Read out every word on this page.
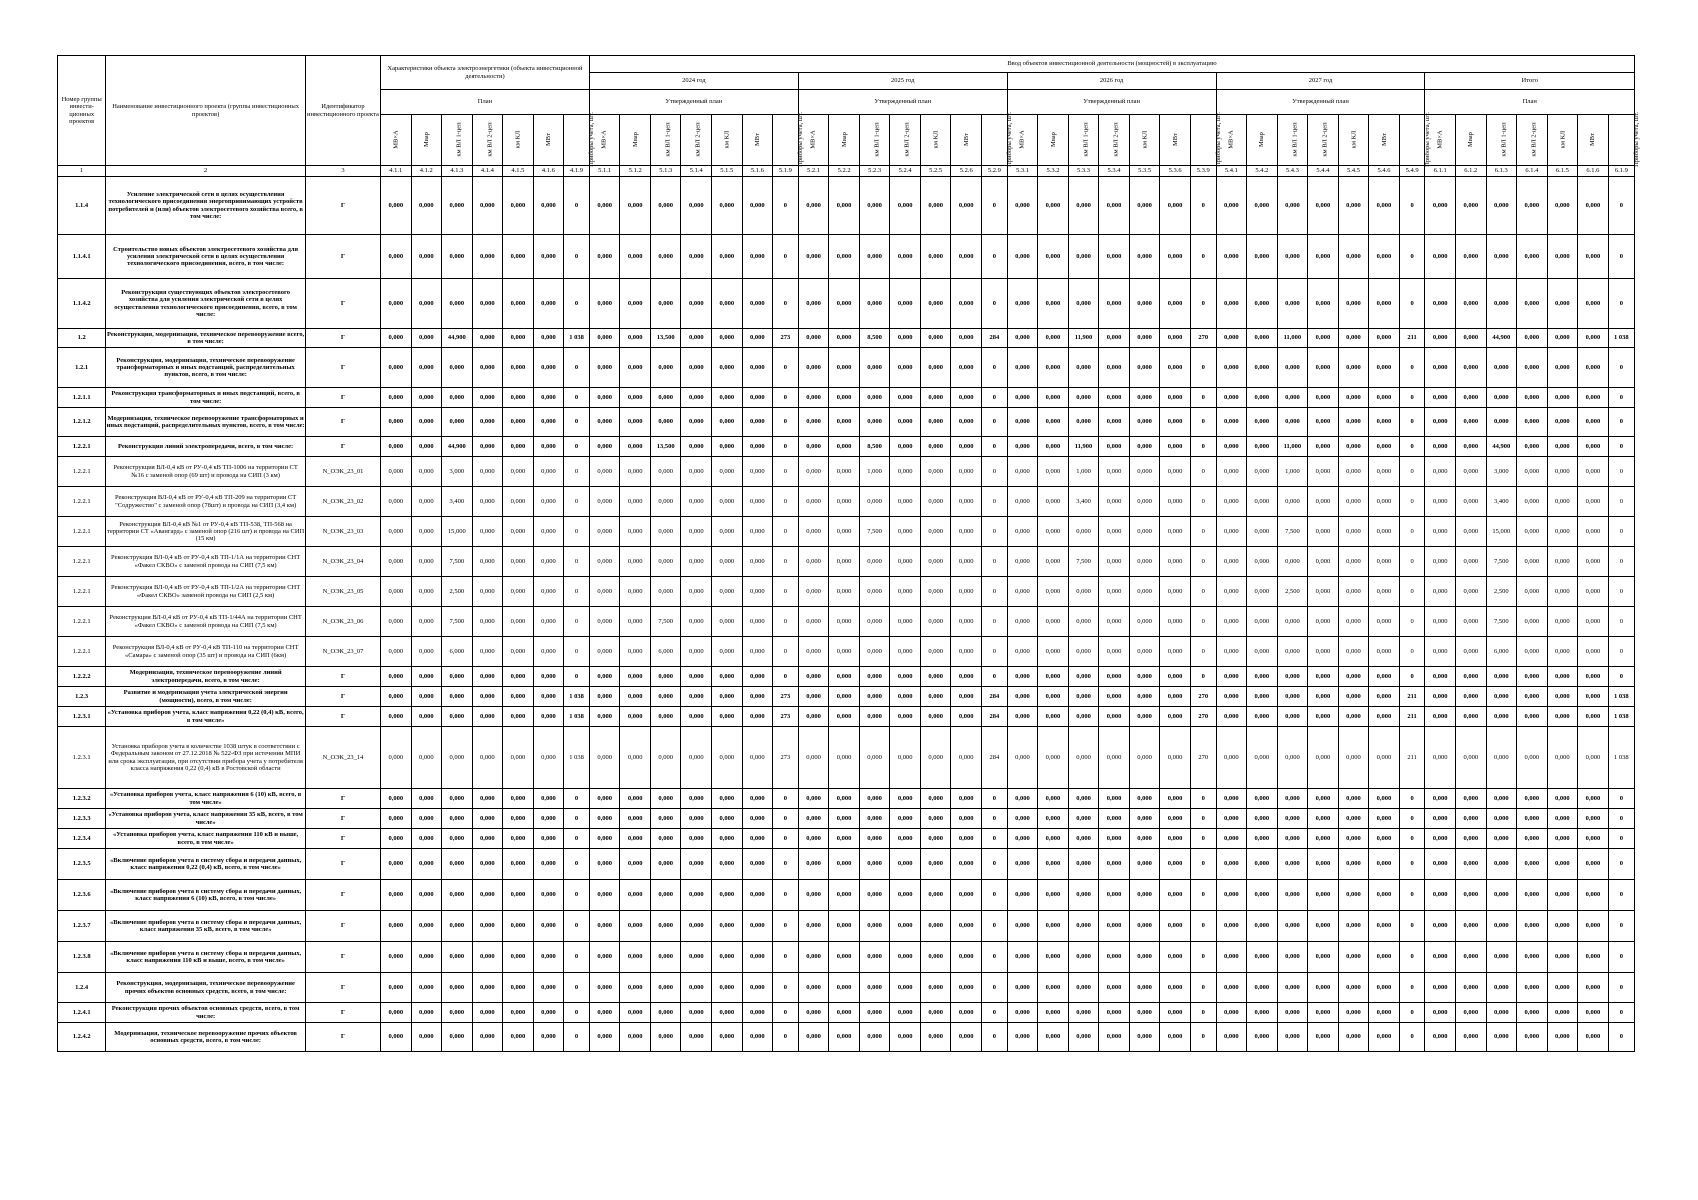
Номер группы инвести-ционных проектов	Наименование инвестиционного проекта (группы инвестиционных проектов)	Идентификатор инвестиционного проекта	Характеристики объекта электроэнергетики (объекта инвестиционной деятельности)							Ввод объектов инвестиционной деятельности (мощностей) в эксплуатацию																																		
										2024 год							2025 год							2026 год							2027 год							Итого						
			План							Утвержденный план							Утвержденный план							Утвержденный план							Утвержденный план							План						
			МВ×А	Мвар	км ВЛ 1-цеп	км ВЛ 2-цеп	км КЛ	МВт	Приборы учета, шт.	МВ×А	Мвар	км ВЛ 1-цеп	км ВЛ 2-цеп	км КЛ	МВт	Приборы учета, шт.	МВ×А	Мвар	км ВЛ 1-цеп	км ВЛ 2-цеп	км КЛ	МВт	Приборы учета, шт.	МВ×А	Мвар	км ВЛ 1-цеп	км ВЛ 2-цеп	км КЛ	МВт	Приборы учета, шт.	МВ×А	Мвар	км ВЛ 1-цеп	км ВЛ 2-цеп	км КЛ	МВт	Приборы учета, шт.	МВ×А	Мвар	км ВЛ 1-цеп	км ВЛ 2-цеп	км КЛ	МВт	Приборы учета, шт.
1	2	3	4.1.1	4.1.2	4.1.3	4.1.4	4.1.5	4.1.6	4.1.9	5.1.1	5.1.2	5.1.3	5.1.4	5.1.5	5.1.6	5.1.9	5.2.1	5.2.2	5.2.3	5.2.4	5.2.5	5.2.6	5.2.9	5.3.1	5.3.2	5.3.3	5.3.4	5.3.5	5.3.6	5.3.9	5.4.1	5.4.2	5.4.3	5.4.4	5.4.5	5.4.6	5.4.9	6.1.1	6.1.2	6.1.3	6.1.4	6.1.5	6.1.6	6.1.9
1.1.4	Усиление электрической сети в целях осуществления технологического присоединения энергопринимающих устройств потребителей и (или) объектов электросетевого хозяйства всего, в том числе:	Г	0,000	0,000	0,000	0,000	0,000	0,000	0	0,000	0,000	0,000	0,000	0,000	0,000	0	0,000	0,000	0,000	0,000	0,000	0,000	0	0,000	0,000	0,000	0,000	0,000	0,000	0	0,000	0,000	0,000	0,000	0,000	0,000	0	0,000	0,000	0,000	0,000	0,000	0,000	0
1.1.4.1	Строительство новых объектов электросетевого хозяйства для усиления электрической сети в целях осуществления технологического присоединения, всего, в том числе:	Г	0,000	0,000	0,000	0,000	0,000	0,000	0	0,000	0,000	0,000	0,000	0,000	0,000	0	0,000	0,000	0,000	0,000	0,000	0,000	0	0,000	0,000	0,000	0,000	0,000	0,000	0	0,000	0,000	0,000	0,000	0,000	0,000	0	0,000	0,000	0,000	0,000	0,000	0,000	0
1.1.4.2	Реконструкция существующих объектов электросетевого хозяйства для усиления электрической сети в целях осуществления технологического присоединения, всего, в том числе:	Г	0,000	0,000	0,000	0,000	0,000	0,000	0	0,000	0,000	0,000	0,000	0,000	0,000	0	0,000	0,000	0,000	0,000	0,000	0,000	0	0,000	0,000	0,000	0,000	0,000	0,000	0	0,000	0,000	0,000	0,000	0,000	0,000	0	0,000	0,000	0,000	0,000	0,000	0,000	0
1.2	Реконструкция, модернизация, техническое перевооружение всего, в том числе:	Г	0,000	0,000	44,900	0,000	0,000	0,000	1 038	0,000	0,000	13,500	0,000	0,000	0,000	273	0,000	0,000	8,500	0,000	0,000	0,000	284	0,000	0,000	11,900	0,000	0,000	0,000	270	0,000	0,000	11,000	0,000	0,000	0,000	211	0,000	0,000	44,900	0,000	0,000	0,000	1 038
1.2.1	Реконструкция, модернизация, техническое перевооружение трансформаторных и иных подстанций, распределительных пунктов, всего, в том числе:	Г	0,000	0,000	0,000	0,000	0,000	0,000	0	0,000	0,000	0,000	0,000	0,000	0,000	0	0,000	0,000	0,000	0,000	0,000	0,000	0	0,000	0,000	0,000	0,000	0,000	0,000	0	0,000	0,000	0,000	0,000	0,000	0,000	0	0,000	0,000	0,000	0,000	0,000	0,000	0
1.2.1.1	Реконструкция трансформаторных и иных подстанций, всего, в том числе:	Г	0,000	0,000	0,000	0,000	0,000	0,000	0	0,000	0,000	0,000	0,000	0,000	0,000	0	0,000	0,000	0,000	0,000	0,000	0,000	0	0,000	0,000	0,000	0,000	0,000	0,000	0	0,000	0,000	0,000	0,000	0,000	0,000	0	0,000	0,000	0,000	0,000	0,000	0,000	0
1.2.1.2	Модернизация, техническое перевооружение трансформаторных и иных подстанций, распределительных пунктов, всего, в том числе:	Г	0,000	0,000	0,000	0,000	0,000	0,000	0	0,000	0,000	0,000	0,000	0,000	0,000	0	0,000	0,000	0,000	0,000	0,000	0,000	0	0,000	0,000	0,000	0,000	0,000	0,000	0	0,000	0,000	0,000	0,000	0,000	0,000	0	0,000	0,000	0,000	0,000	0,000	0,000	0
1.2.2.1	Реконструкция линий электропередачи, всего, в том числе:	Г	0,000	0,000	44,900	0,000	0,000	0,000	0	0,000	0,000	13,500	0,000	0,000	0,000	0	0,000	0,000	8,500	0,000	0,000	0,000	0	0,000	0,000	11,900	0,000	0,000	0,000	0	0,000	0,000	11,000	0,000	0,000	0,000	0	0,000	0,000	44,900	0,000	0,000	0,000	0
1.2.2.1	Реконструкция ВЛ-0,4 кВ от РУ-0,4 кВ ТП-1006 на территории СТ №16 с заменой опор (69 шт) и провода на СИП (3 км)	N_ОЭК_23_01	0,000	0,000	3,000	0,000	0,000	0,000	0	0,000	0,000	0,000	0,000	0,000	0,000	0	0,000	0,000	1,000	0,000	0,000	0,000	0	0,000	0,000	1,000	0,000	0,000	0,000	0	0,000	0,000	1,000	0,000	0,000	0,000	0	0,000	0,000	3,000	0,000	0,000	0,000	0
1.2.2.1	Реконструкция ВЛ-0,4 кВ от РУ-0,4 кВ ТП-209 на территории СТ "Содружество" с заменой опор (78шт) и провода на СИП (3,4 км)	N_ОЭК_23_02	0,000	0,000	3,400	0,000	0,000	0,000	0	0,000	0,000	0,000	0,000	0,000	0,000	0	0,000	0,000	0,000	0,000	0,000	0,000	0	0,000	0,000	3,400	0,000	0,000	0,000	0	0,000	0,000	0,000	0,000	0,000	0,000	0	0,000	0,000	3,400	0,000	0,000	0,000	0
1.2.2.1	Реконструкция ВЛ-0,4 кВ №1 от РУ-0,4 кВ ТП-538, ТП-568 на территории СТ «Авангард» с заменой опор (216 шт) и провода на СИП (15 км)	N_ОЭК_23_03	0,000	0,000	15,000	0,000	0,000	0,000	0	0,000	0,000	0,000	0,000	0,000	0,000	0	0,000	0,000	7,500	0,000	0,000	0,000	0	0,000	0,000	0,000	0,000	0,000	0,000	0	0,000	0,000	7,500	0,000	0,000	0,000	0	0,000	0,000	15,000	0,000	0,000	0,000	0
1.2.2.1	Реконструкция ВЛ-0,4 кВ от РУ-0,4 кВ ТП-1/1А на территории СНТ «Факел СКВО» с заменой провода на СИП (7,5 км)	N_ОЭК_23_04	0,000	0,000	7,500	0,000	0,000	0,000	0	0,000	0,000	0,000	0,000	0,000	0,000	0	0,000	0,000	0,000	0,000	0,000	0,000	0	0,000	0,000	7,500	0,000	0,000	0,000	0	0,000	0,000	0,000	0,000	0,000	0,000	0	0,000	0,000	7,500	0,000	0,000	0,000	0
1.2.2.1	Реконструкция ВЛ-0,4 кВ от РУ-0,4 кВ ТП-1/2А на территории СНТ «Факел СКВО» заменой провода на СИП (2,5 км)	N_ОЭК_23_05	0,000	0,000	2,500	0,000	0,000	0,000	0	0,000	0,000	0,000	0,000	0,000	0,000	0	0,000	0,000	0,000	0,000	0,000	0,000	0	0,000	0,000	0,000	0,000	0,000	0,000	0	0,000	0,000	2,500	0,000	0,000	0,000	0	0,000	0,000	2,500	0,000	0,000	0,000	0
1.2.2.1	Реконструкция ВЛ-0,4 кВ от РУ-0,4 кВ ТП-1/44А на территории СНТ «Факел СКВО» с заменой провода на СИП (7,5 км)	N_ОЭК_23_06	0,000	0,000	7,500	0,000	0,000	0,000	0	0,000	0,000	7,500	0,000	0,000	0,000	0	0,000	0,000	0,000	0,000	0,000	0,000	0	0,000	0,000	0,000	0,000	0,000	0,000	0	0,000	0,000	0,000	0,000	0,000	0,000	0	0,000	0,000	7,500	0,000	0,000	0,000	0
1.2.2.1	Реконструкция ВЛ-0,4 кВ от РУ-0,4 кВ ТП-110 на территории СНТ «Самара» с заменой опор (35 шт) и провода на СИП (6км)	N_ОЭК_23_07	0,000	0,000	6,000	0,000	0,000	0,000	0	0,000	0,000	6,000	0,000	0,000	0,000	0	0,000	0,000	0,000	0,000	0,000	0,000	0	0,000	0,000	0,000	0,000	0,000	0,000	0	0,000	0,000	0,000	0,000	0,000	0,000	0	0,000	0,000	6,000	0,000	0,000	0,000	0
1.2.2.2	Модернизация, техническое перевооружение линий электропередачи, всего, в том числе:	Г	0,000	0,000	0,000	0,000	0,000	0,000	0	0,000	0,000	0,000	0,000	0,000	0,000	0	0,000	0,000	0,000	0,000	0,000	0,000	0	0,000	0,000	0,000	0,000	0,000	0,000	0	0,000	0,000	0,000	0,000	0,000	0,000	0	0,000	0,000	0,000	0,000	0,000	0,000	0
1.2.3	Развитие и модернизация учета электрической энергии (мощности), всего, в том числе:	Г	0,000	0,000	0,000	0,000	0,000	0,000	1 038	0,000	0,000	0,000	0,000	0,000	0,000	273	0,000	0,000	0,000	0,000	0,000	0,000	284	0,000	0,000	0,000	0,000	0,000	0,000	270	0,000	0,000	0,000	0,000	0,000	0,000	211	0,000	0,000	0,000	0,000	0,000	0,000	1 038
1.2.3.1	«Установка приборов учета, класс напряжения 0,22 (0,4) кВ, всего, в том числе»	Г	0,000	0,000	0,000	0,000	0,000	0,000	1 038	0,000	0,000	0,000	0,000	0,000	0,000	273	0,000	0,000	0,000	0,000	0,000	0,000	284	0,000	0,000	0,000	0,000	0,000	0,000	270	0,000	0,000	0,000	0,000	0,000	0,000	211	0,000	0,000	0,000	0,000	0,000	0,000	1 038
1.2.3.1	Установка приборов учета в количестве 1038 штук в соответствии с Федеральным законом от 27.12.2018 № 522-ФЗ при истечении МПИ или срока эксплуатации, при отсутствии прибора учета у потребителя класса напряжения 0,22 (0,4) кВ в Ростовской области	N_ОЭК_23_14	0,000	0,000	0,000	0,000	0,000	0,000	1 038	0,000	0,000	0,000	0,000	0,000	0,000	273	0,000	0,000	0,000	0,000	0,000	0,000	284	0,000	0,000	0,000	0,000	0,000	0,000	270	0,000	0,000	0,000	0,000	0,000	0,000	211	0,000	0,000	0,000	0,000	0,000	0,000	1 038
1.2.3.2	«Установка приборов учета, класс напряжения 6 (10) кВ, всего, в том числе»	Г	0,000	0,000	0,000	0,000	0,000	0,000	0	0,000	0,000	0,000	0,000	0,000	0,000	0	0,000	0,000	0,000	0,000	0,000	0,000	0	0,000	0,000	0,000	0,000	0,000	0,000	0	0,000	0,000	0,000	0,000	0,000	0,000	0	0,000	0,000	0,000	0,000	0,000	0,000	0
1.2.3.3	«Установка приборов учета, класс напряжения 35 кВ, всего, в том числе»	Г	0,000	0,000	0,000	0,000	0,000	0,000	0	0,000	0,000	0,000	0,000	0,000	0,000	0	0,000	0,000	0,000	0,000	0,000	0,000	0	0,000	0,000	0,000	0,000	0,000	0,000	0	0,000	0,000	0,000	0,000	0,000	0,000	0	0,000	0,000	0,000	0,000	0,000	0,000	0
1.2.3.4	«Установка приборов учета, класс напряжения 110 кВ и выше, всего, в том числе»	Г	0,000	0,000	0,000	0,000	0,000	0,000	0	0,000	0,000	0,000	0,000	0,000	0,000	0	0,000	0,000	0,000	0,000	0,000	0,000	0	0,000	0,000	0,000	0,000	0,000	0,000	0	0,000	0,000	0,000	0,000	0,000	0,000	0	0,000	0,000	0,000	0,000	0,000	0,000	0
1.2.3.5	«Включение приборов учета в систему сбора и передачи данных, класс напряжения 0,22 (0,4) кВ, всего, в том числе»	Г	0,000	0,000	0,000	0,000	0,000	0,000	0	0,000	0,000	0,000	0,000	0,000	0,000	0	0,000	0,000	0,000	0,000	0,000	0,000	0	0,000	0,000	0,000	0,000	0,000	0,000	0	0,000	0,000	0,000	0,000	0,000	0,000	0	0,000	0,000	0,000	0,000	0,000	0,000	0
1.2.3.6	«Включение приборов учета в систему сбора и передачи данных, класс напряжения 6 (10) кВ, всего, в том числе»	Г	0,000	0,000	0,000	0,000	0,000	0,000	0	0,000	0,000	0,000	0,000	0,000	0,000	0	0,000	0,000	0,000	0,000	0,000	0,000	0	0,000	0,000	0,000	0,000	0,000	0,000	0	0,000	0,000	0,000	0,000	0,000	0,000	0	0,000	0,000	0,000	0,000	0,000	0,000	0
1.2.3.7	«Включение приборов учета в систему сбора и передачи данных, класс напряжения 35 кВ, всего, в том числе»	Г	0,000	0,000	0,000	0,000	0,000	0,000	0	0,000	0,000	0,000	0,000	0,000	0,000	0	0,000	0,000	0,000	0,000	0,000	0,000	0	0,000	0,000	0,000	0,000	0,000	0,000	0	0,000	0,000	0,000	0,000	0,000	0,000	0	0,000	0,000	0,000	0,000	0,000	0,000	0
1.2.3.8	«Включение приборов учета в систему сбора и передачи данных, класс напряжения 110 кВ и выше, всего, в том числе»	Г	0,000	0,000	0,000	0,000	0,000	0,000	0	0,000	0,000	0,000	0,000	0,000	0,000	0	0,000	0,000	0,000	0,000	0,000	0,000	0	0,000	0,000	0,000	0,000	0,000	0,000	0	0,000	0,000	0,000	0,000	0,000	0,000	0	0,000	0,000	0,000	0,000	0,000	0,000	0
1.2.4	Реконструкция, модернизация, техническое перевооружение прочих объектов основных средств, всего, в том числе:	Г	0,000	0,000	0,000	0,000	0,000	0,000	0	0,000	0,000	0,000	0,000	0,000	0,000	0	0,000	0,000	0,000	0,000	0,000	0,000	0	0,000	0,000	0,000	0,000	0,000	0,000	0	0,000	0,000	0,000	0,000	0,000	0,000	0	0,000	0,000	0,000	0,000	0,000	0,000	0
1.2.4.1	Реконструкция прочих объектов основных средств, всего, в том числе:	Г	0,000	0,000	0,000	0,000	0,000	0,000	0	0,000	0,000	0,000	0,000	0,000	0,000	0	0,000	0,000	0,000	0,000	0,000	0,000	0	0,000	0,000	0,000	0,000	0,000	0,000	0	0,000	0,000	0,000	0,000	0,000	0,000	0	0,000	0,000	0,000	0,000	0,000	0,000	0
1.2.4.2	Модернизация, техническое перевооружение прочих объектов основных средств, всего, в том числе:	Г	0,000	0,000	0,000	0,000	0,000	0,000	0	0,000	0,000	0,000	0,000	0,000	0,000	0	0,000	0,000	0,000	0,000	0,000	0,000	0	0,000	0,000	0,000	0,000	0,000	0,000	0	0,000	0,000	0,000	0,000	0,000	0,000	0	0,000	0,000	0,000	0,000	0,000	0,000	0
